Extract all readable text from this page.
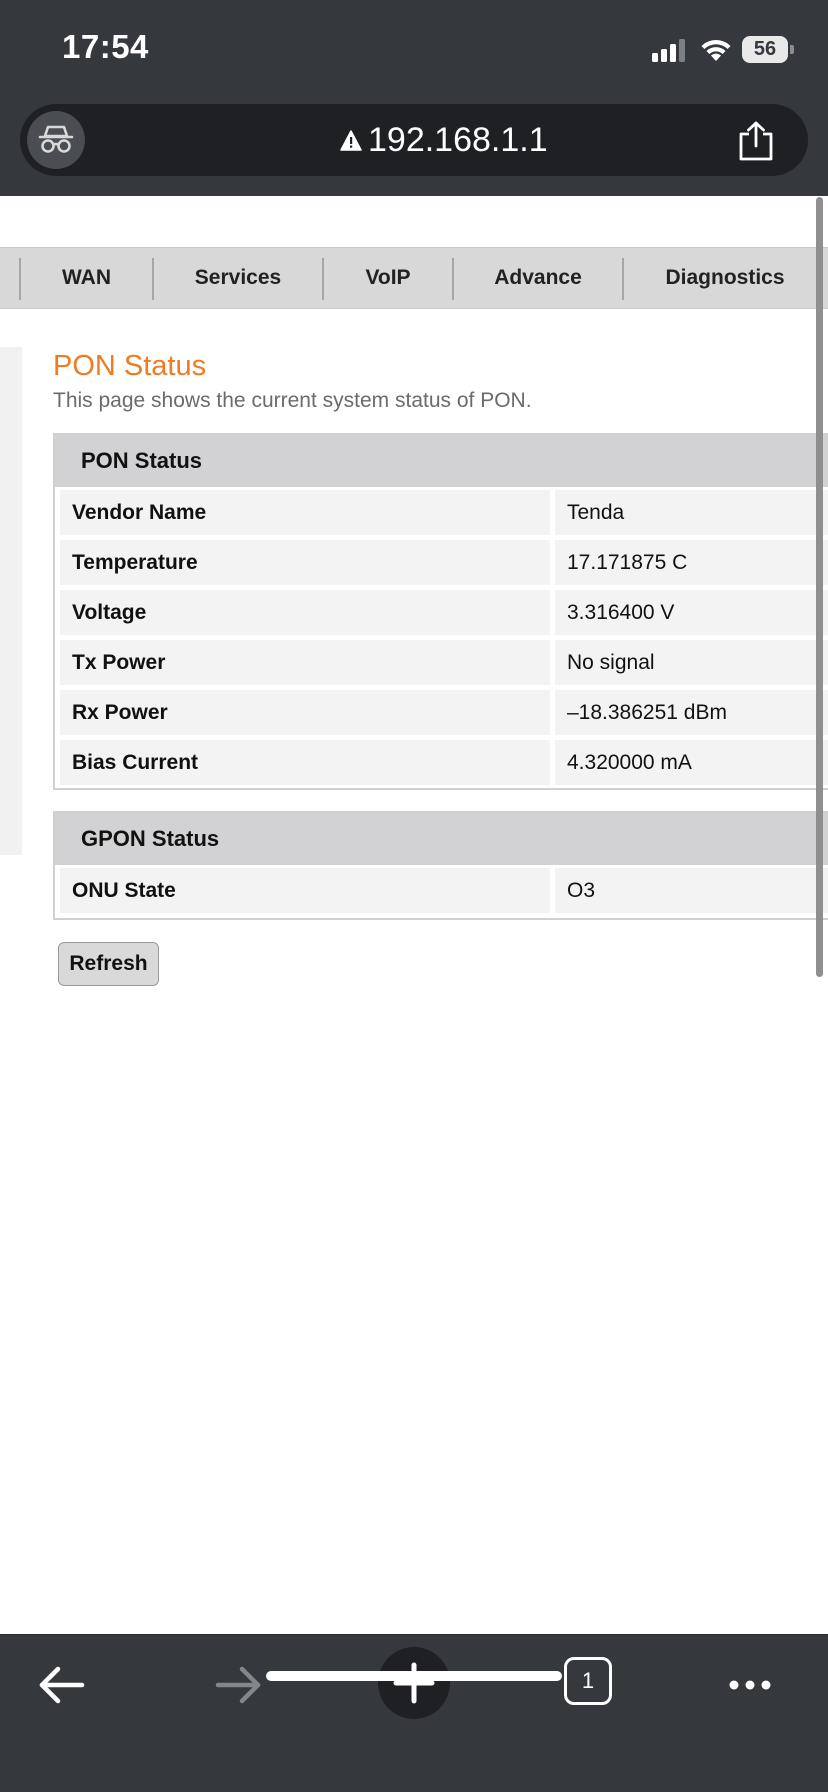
17:54	56
192.168.1.1
WAN	Services	VoIP	Advance	Diagnostics
PON Status
This page shows the current system status of PON.
PON Status
Vendor Name	Tenda
Temperature	17.171875 C
Voltage	3.316400 V
Tx Power	No signal
Rx Power	–18.386251 dBm
Bias Current	4.320000 mA
GPON Status
ONU State	O3
Refresh
1
